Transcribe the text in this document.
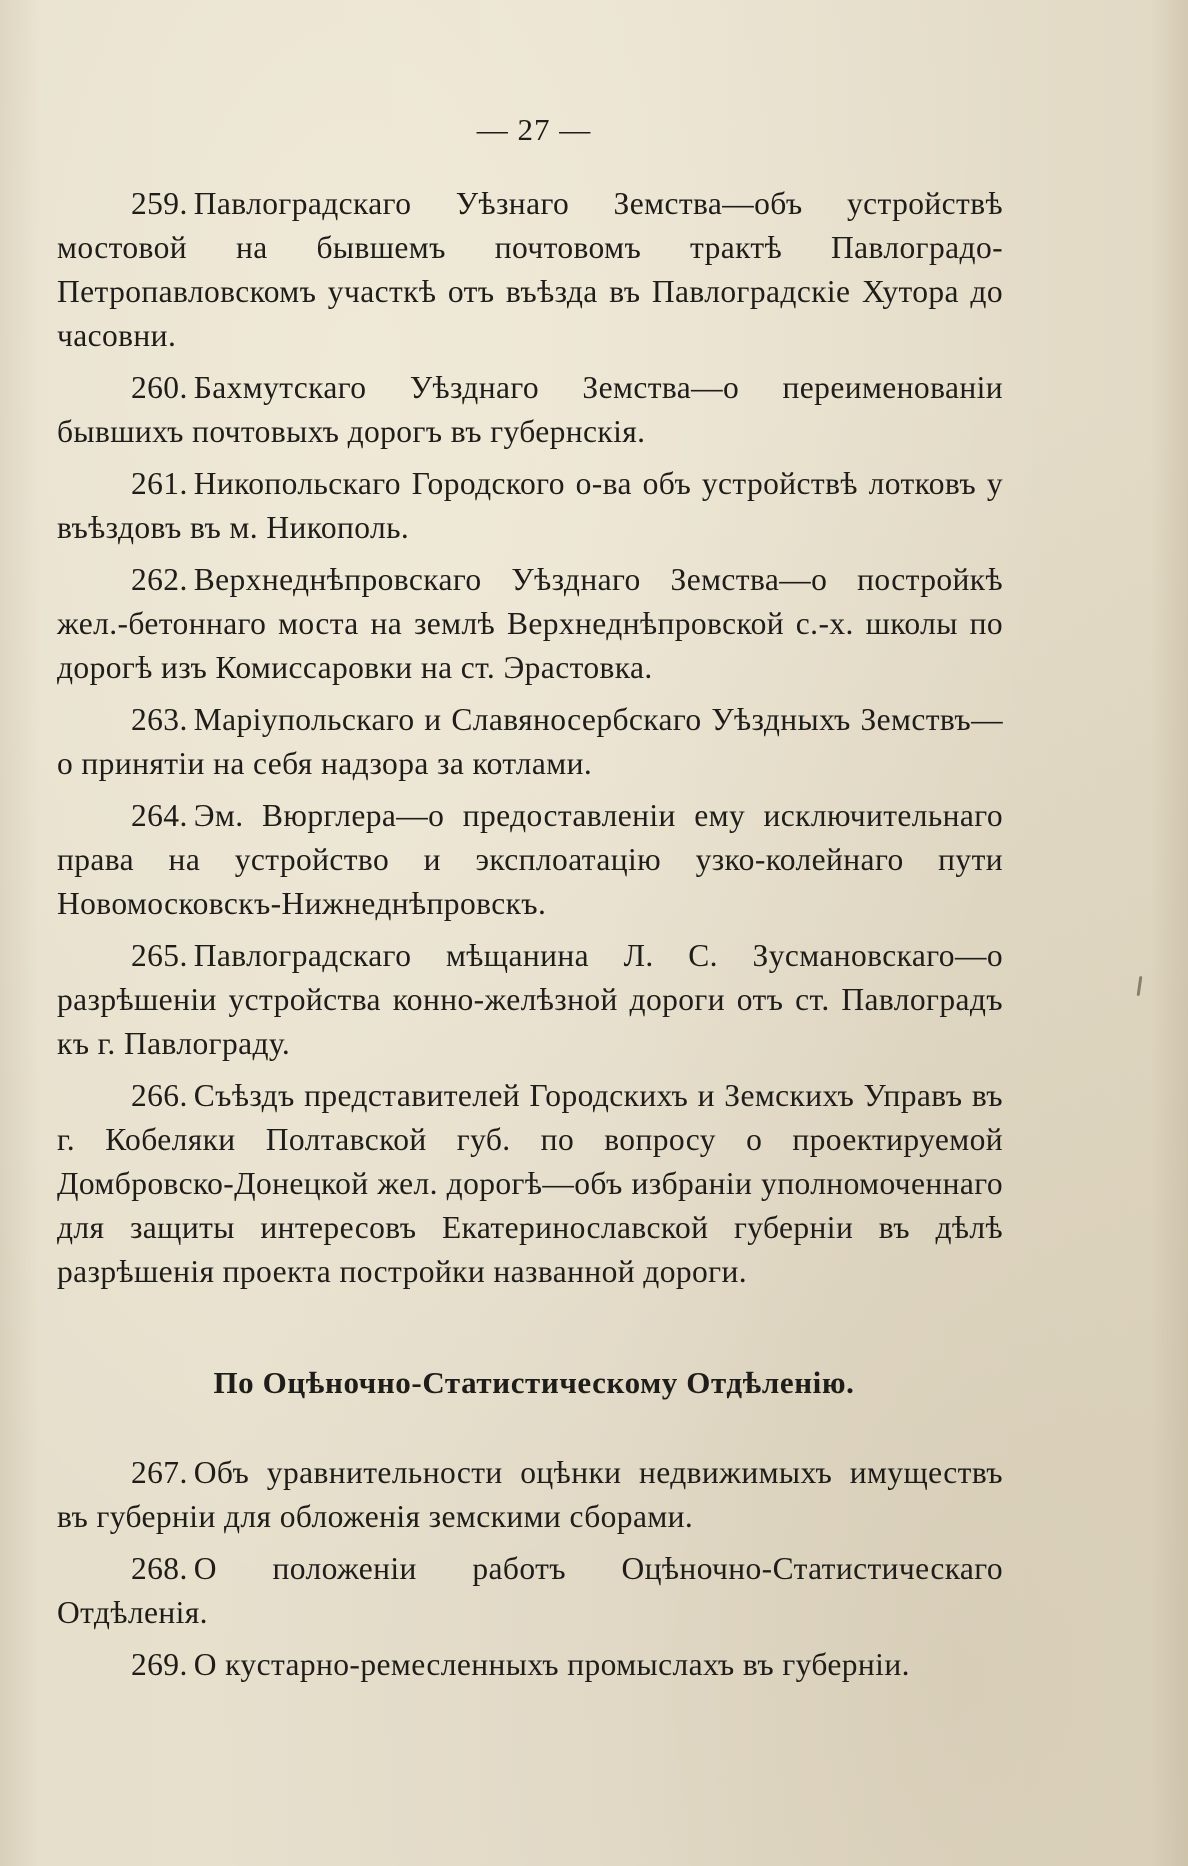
— 27 —

259. Павлоградскаго Уѣзнаго Земства—объ устройствѣ мостовой на бывшемъ почтовомъ трактѣ Павлоградо-Петропавловскомъ участкѣ отъ въѣзда въ Павлоградскіе Хутора до часовни.

260. Бахмутскаго Уѣзднаго Земства—о переименованіи бывшихъ почтовыхъ дорогъ въ губернскія.

261. Никопольскаго Городского о-ва объ устройствѣ лотковъ у въѣздовъ въ м. Никополь.

262. Верхнеднѣпровскаго Уѣзднаго Земства—о постройкѣ жел.-бетоннаго моста на землѣ Верхнеднѣпровской с.-х. школы по дорогѣ изъ Комиссаровки на ст. Эрастовка.

263. Маріупольскаго и Славяносербскаго Уѣздныхъ Земствъ—о принятіи на себя надзора за котлами.

264. Эм. Вюрглера—о предоставленіи ему исключительнаго права на устройство и эксплоатацію узко-колейнаго пути Новомосковскъ-Нижнеднѣпровскъ.

265. Павлоградскаго мѣщанина Л. С. Зусмановскаго—о разрѣшеніи устройства конно-желѣзной дороги отъ ст. Павлоградъ къ г. Павлограду.

266. Съѣздъ представителей Городскихъ и Земскихъ Управъ въ г. Кобеляки Полтавской губ. по вопросу о проектируемой Домбровско-Донецкой жел. дорогѣ—объ избраніи уполномоченнаго для защиты интересовъ Екатеринославской губерніи въ дѣлѣ разрѣшенія проекта постройки названной дороги.

По Оцѣночно-Статистическому Отдѣленію.

267. Объ уравнительности оцѣнки недвижимыхъ имуществъ въ губерніи для обложенія земскими сборами.

268. О положеніи работъ Оцѣночно-Статистическаго Отдѣленія.

269. О кустарно-ремесленныхъ промыслахъ въ губерніи.
